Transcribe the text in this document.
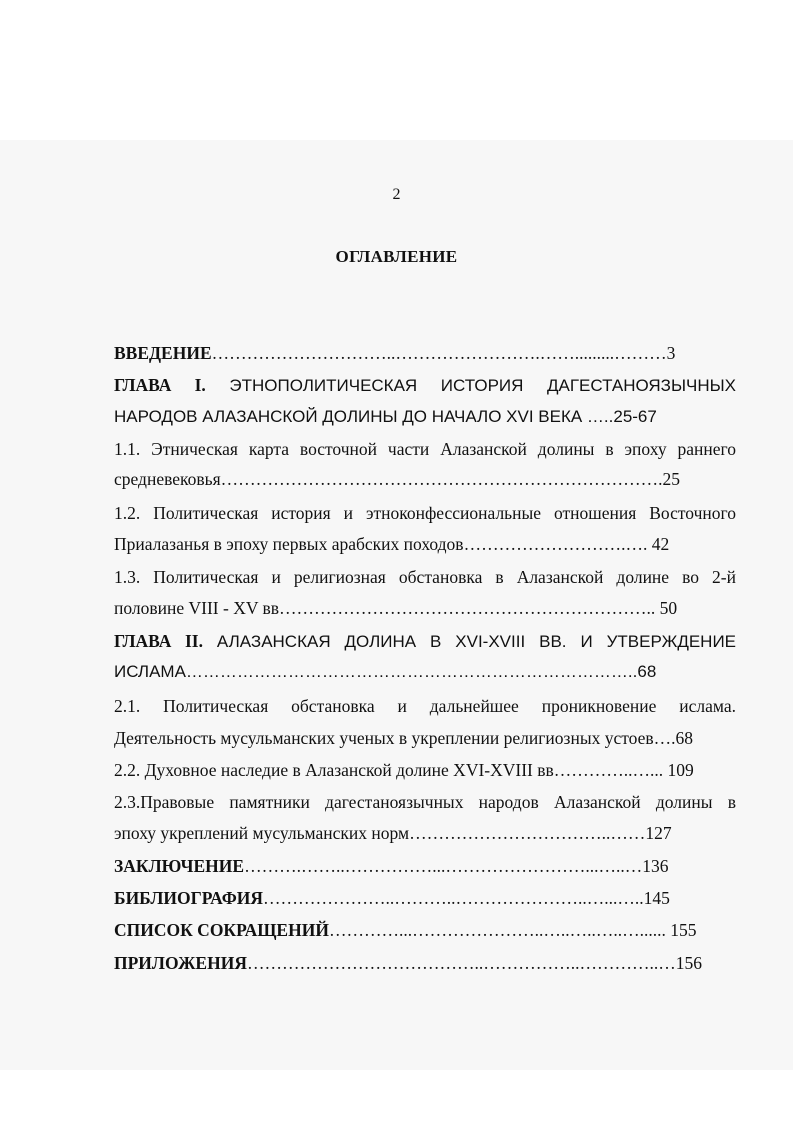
2
ОГЛАВЛЕНИЕ
ВВЕДЕНИЕ…………………………..…………………….…….........………3
ГЛАВА I. ЭТНОПОЛИТИЧЕСКАЯ ИСТОРИЯ ДАГЕСТАНОЯЗЫЧНЫХ
НАРОДОВ АЛАЗАНСКОЙ ДОЛИНЫ ДО НАЧАЛО XVI ВЕКА …..25-67
1.1. Этническая карта восточной части Алазанской долины в эпоху раннего
средневековья………………………………………………………………….25
1.2. Политическая история и этноконфессиональные отношения Восточного
Приалазанья в эпоху первых арабских походов……………………….…. 42
1.3. Политическая и религиозная обстановка в Алазанской долине во 2-й
половине VIII - XV вв……………………………………………………….. 50
ГЛАВА II. АЛАЗАНСКАЯ ДОЛИНА В XVI-XVIII ВВ. И УТВЕРЖДЕНИЕ
ИСЛАМА……………………………………………………………………..68
2.1. Политическая обстановка и дальнейшее проникновение ислама.
Деятельность мусульманских ученых в укреплении религиозных устоев….68
2.2. Духовное наследие в Алазанской долине XVI-XVIII вв…………..…... 109
2.3.Правовые памятники дагестаноязычных народов Алазанской долины в
эпоху укреплений мусульманских норм……………………………..……127
ЗАКЛЮЧЕНИЕ……….……..……………...……………………...…..…136
БИБЛИОГРАФИЯ…………………..………..…………………..…...…..145
СПИСОК СОКРАЩЕНИЙ…………...…………………..…..…..…..…...... 155
ПРИЛОЖЕНИЯ…………………………………..……………..…………..…156
